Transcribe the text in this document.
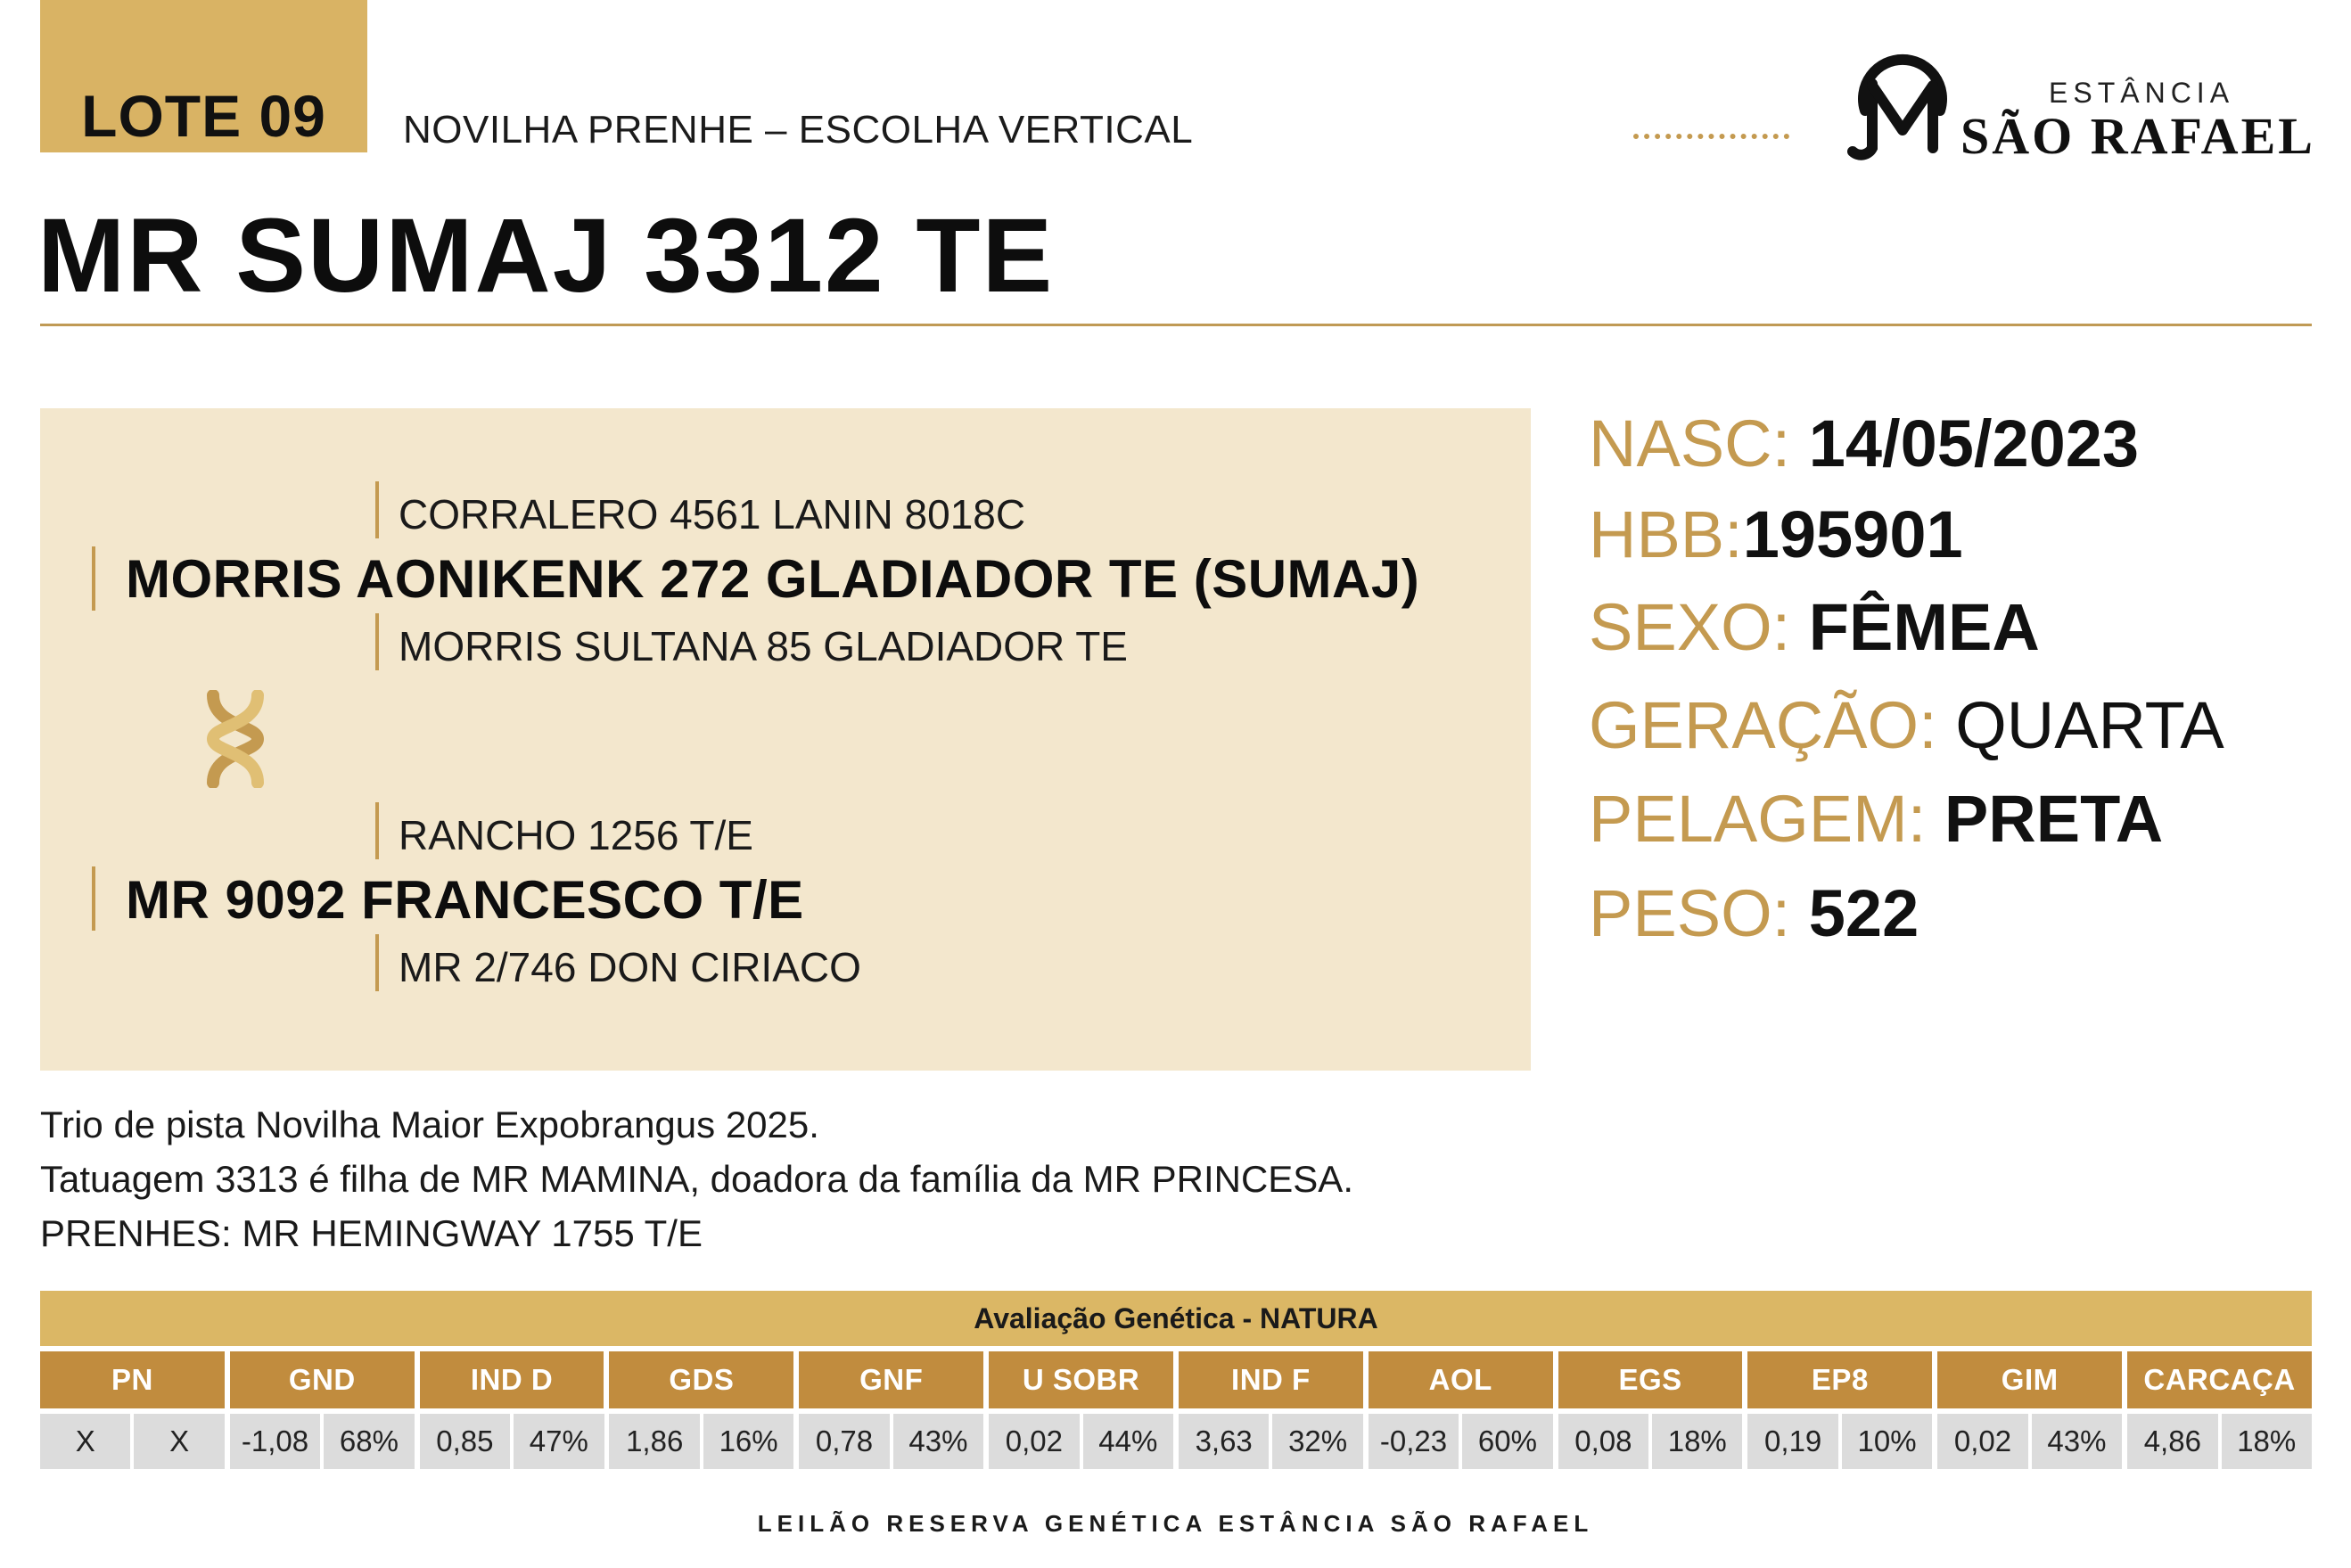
LOTE 09 NOVILHA PRENHE – ESCOLHA VERTICAL
ESTÂNCIA
SÃO RAFAEL
MR SUMAJ 3312 TE
CORRALERO 4561 LANIN 8018C
MORRIS AONIKENK 272 GLADIADOR TE (SUMAJ)
MORRIS SULTANA 85 GLADIADOR TE
RANCHO 1256 T/E
MR 9092 FRANCESCO T/E
MR 2/746 DON CIRIACO
NASC: 14/05/2023
HBB:195901
SEXO: FÊMEA
GERAÇÃO: QUARTA
PELAGEM: PRETA
PESO: 522
Trio de pista Novilha Maior Expobrangus 2025.
Tatuagem 3313 é filha de MR MAMINA, doadora da família da MR PRINCESA.
PRENHES: MR HEMINGWAY 1755 T/E
Avaliação Genética - NATURA
PN	GND	IND D	GDS	GNF	U SOBR	IND F	AOL	EGS	EP8	GIM	CARCAÇA
X	X	-1,08	68%	0,85	47%	1,86	16%	0,78	43%	0,02	44%	3,63	32%	-0,23	60%	0,08	18%	0,19	10%	0,02	43%	4,86	18%
LEILÃO RESERVA GENÉTICA ESTÂNCIA SÃO RAFAEL
